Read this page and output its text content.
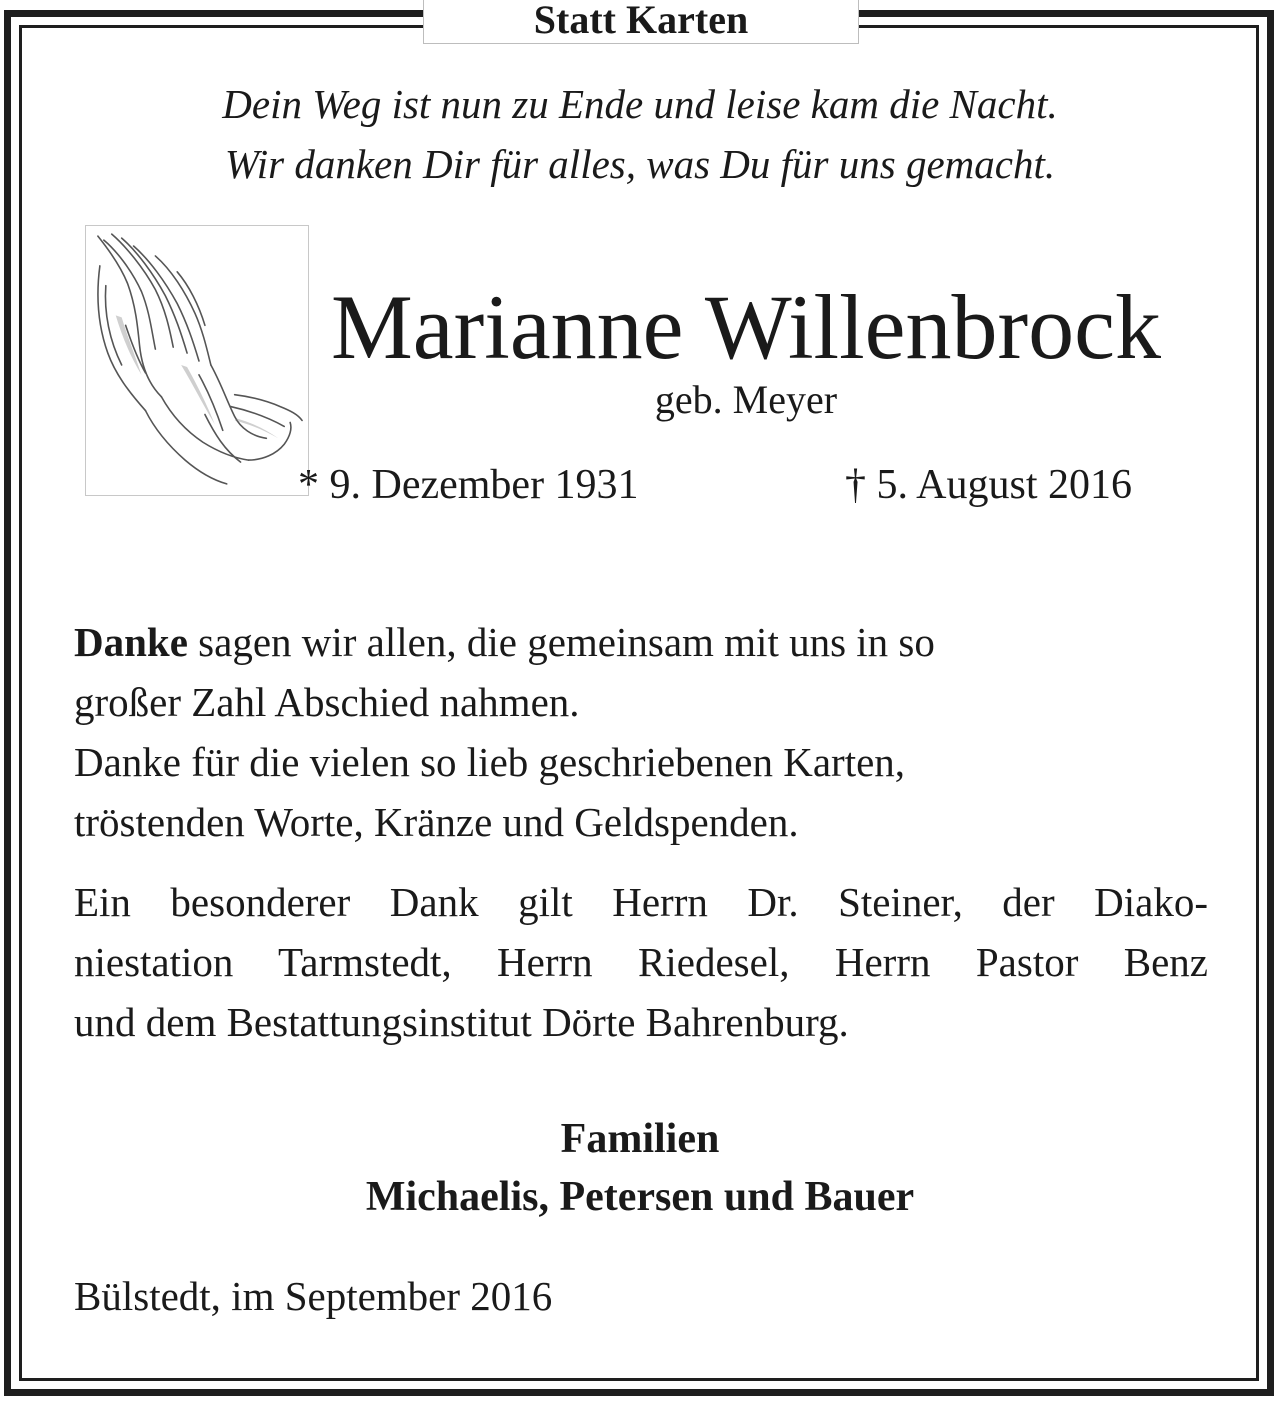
Statt Karten
Dein Weg ist nun zu Ende und leise kam die Nacht.
Wir danken Dir für alles, was Du für uns gemacht.
Marianne Willenbrock
geb. Meyer
* 9. Dezember 1931	† 5. August 2016
Danke sagen wir allen, die gemeinsam mit uns in so
großer Zahl Abschied nahmen.
Danke für die vielen so lieb geschriebenen Karten,
tröstenden Worte, Kränze und Geldspenden.
Ein besonderer Dank gilt Herrn Dr. Steiner, der Diako-
niestation Tarmstedt, Herrn Riedesel, Herrn Pastor Benz
und dem Bestattungsinstitut Dörte Bahrenburg.
Familien
Michaelis, Petersen und Bauer
Bülstedt, im September 2016
